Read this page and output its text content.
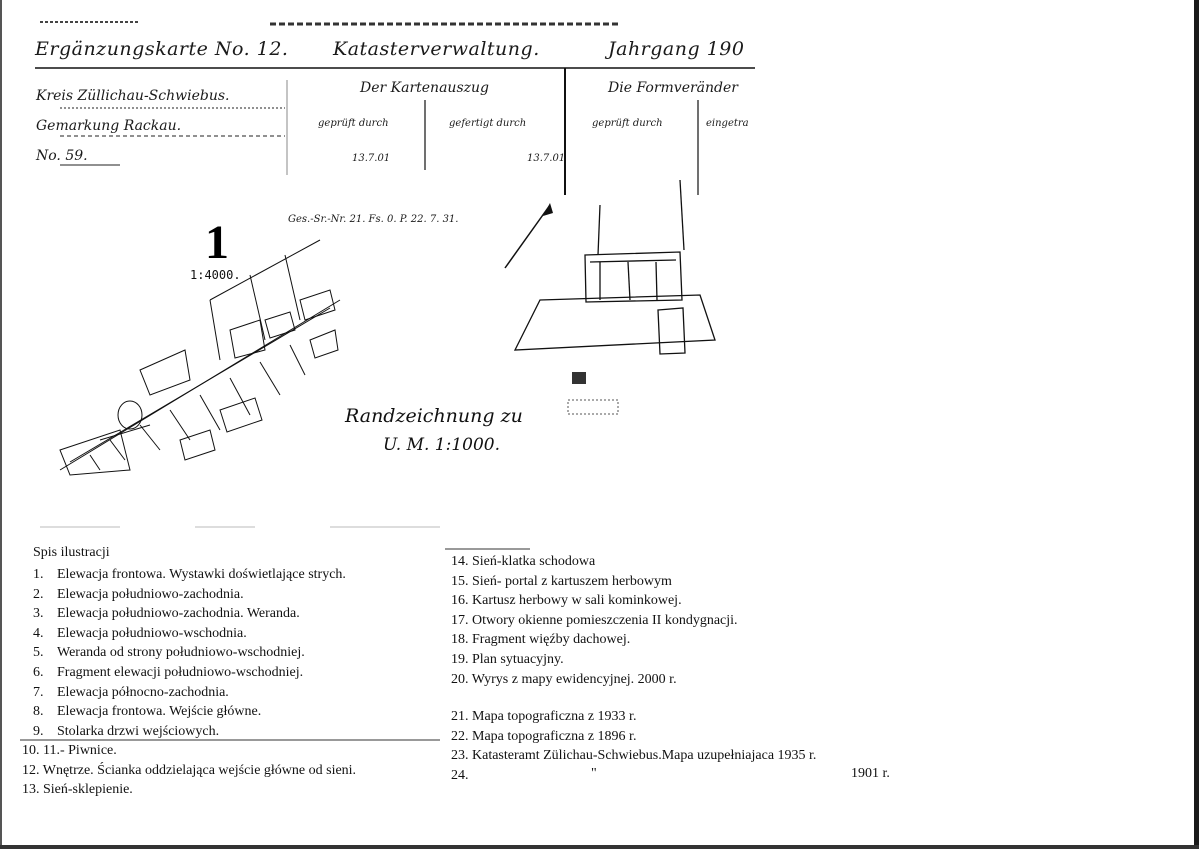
Ergänzungskarte No. 12. Katasterverwaltung.	Jahrgang 190
Kreis Züllichau-Schwiebus.
Gemarkung Rackau.
No. 59.
Der Kartenauszug	Die Formveränder
geprüft durch	gefertigt durch	geprüft durch	eingetra
13.7.01	13.7.01
Ges.-Sr.-Nr. 21. Fs. 0. P. 22. 7. 31.
1
1:4000.
Randzeichnung zu
U. M. 1:1000.
Spis ilustracji
1. Elewacja frontowa. Wystawki doświetlające strych.
2. Elewacja południowo-zachodnia.
3. Elewacja południowo-zachodnia. Weranda.
4. Elewacja południowo-wschodnia.
5. Weranda od strony południowo-wschodniej.
6. Fragment elewacji południowo-wschodniej.
7. Elewacja północno-zachodnia.
8. Elewacja frontowa. Wejście główne.
9. Stolarka drzwi wejściowych.
10. 11.- Piwnice.
12. Wnętrze. Ścianka oddzielająca wejście główne od sieni.
13. Sień-sklepienie.
14. Sień-klatka schodowa
15. Sień- portal z kartuszem herbowym
16. Kartusz herbowy w sali kominkowej.
17. Otwory okienne pomieszczenia II kondygnacji.
18. Fragment więźby dachowej.
19. Plan sytuacyjny.
20. Wyrys z mapy ewidencyjnej. 2000 r.
21. Mapa topograficzna z 1933 r.
22. Mapa topograficzna z 1896 r.
23. Katasteramt Zülichau-Schwiebus.Mapa uzupełniajaca 1935 r.
24.	"	1901 r.
